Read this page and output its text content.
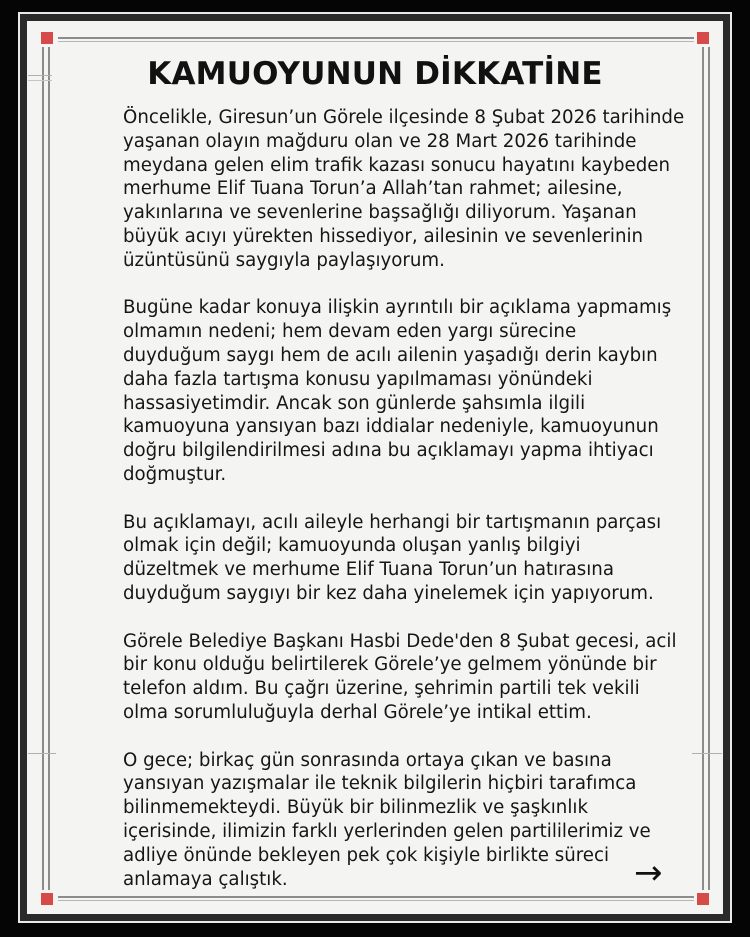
KAMUOYUNUN DİKKATİNE
Öncelikle, Giresun’un Görele ilçesinde 8 Şubat 2026 tarihinde
yaşanan olayın mağduru olan ve 28 Mart 2026 tarihinde
meydana gelen elim trafik kazası sonucu hayatını kaybeden
merhume Elif Tuana Torun’a Allah’tan rahmet; ailesine,
yakınlarına ve sevenlerine başsağlığı diliyorum. Yaşanan
büyük acıyı yürekten hissediyor, ailesinin ve sevenlerinin
üzüntüsünü saygıyla paylaşıyorum.
Bugüne kadar konuya ilişkin ayrıntılı bir açıklama yapmamış
olmamın nedeni; hem devam eden yargı sürecine
duyduğum saygı hem de acılı ailenin yaşadığı derin kaybın
daha fazla tartışma konusu yapılmaması yönündeki
hassasiyetimdir. Ancak son günlerde şahsımla ilgili
kamuoyuna yansıyan bazı iddialar nedeniyle, kamuoyunun
doğru bilgilendirilmesi adına bu açıklamayı yapma ihtiyacı
doğmuştur.
Bu açıklamayı, acılı aileyle herhangi bir tartışmanın parçası
olmak için değil; kamuoyunda oluşan yanlış bilgiyi
düzeltmek ve merhume Elif Tuana Torun’un hatırasına
duyduğum saygıyı bir kez daha yinelemek için yapıyorum.
Görele Belediye Başkanı Hasbi Dede'den 8 Şubat gecesi, acil
bir konu olduğu belirtilerek Görele’ye gelmem yönünde bir
telefon aldım. Bu çağrı üzerine, şehrimin partili tek vekili
olma sorumluluğuyla derhal Görele’ye intikal ettim.
O gece; birkaç gün sonrasında ortaya çıkan ve basına
yansıyan yazışmalar ile teknik bilgilerin hiçbiri tarafımca
bilinmemekteydi. Büyük bir bilinmezlik ve şaşkınlık
içerisinde, ilimizin farklı yerlerinden gelen partililerimiz ve
adliye önünde bekleyen pek çok kişiyle birlikte süreci
anlamaya çalıştık.	→
